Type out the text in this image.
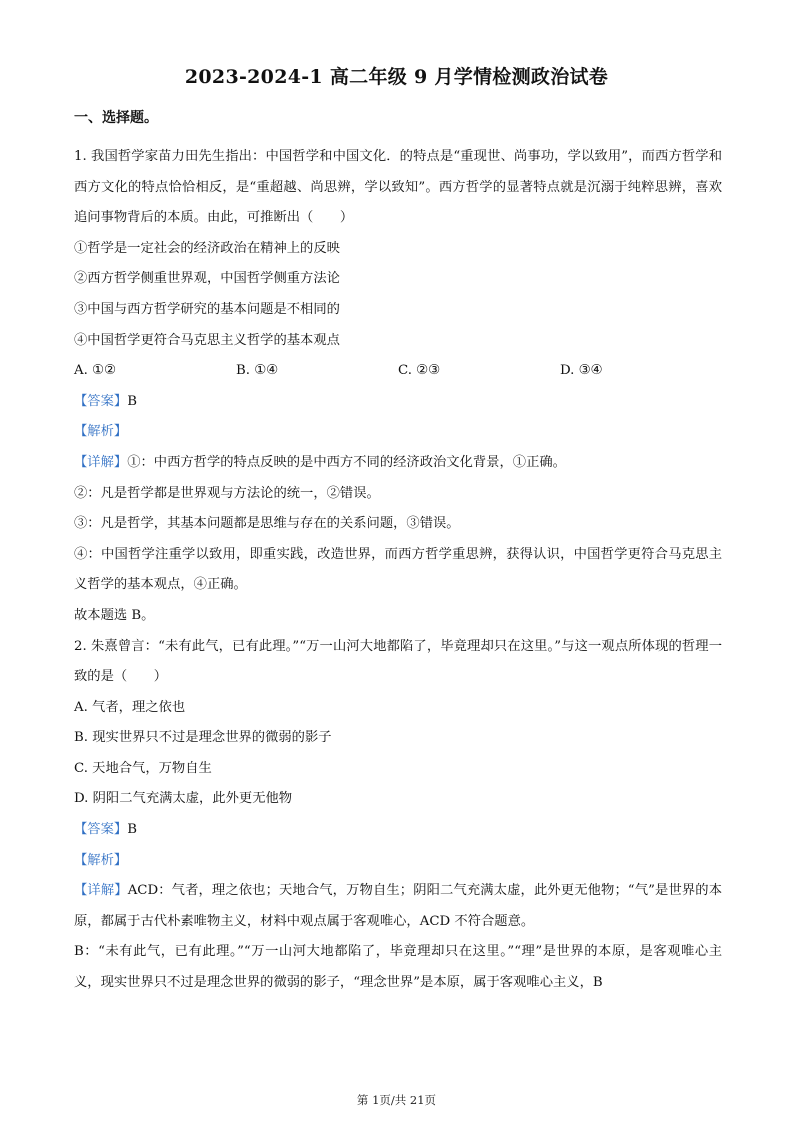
2023-2024-1 高二年级 9 月学情检测政治试卷
一、选择题。

1. 我国哲学家苗力田先生指出：中国哲学和中国文化．的特点是“重现世、尚事功，学以致用”，而西方哲学和西方文化的特点恰恰相反，是“重超越、尚思辨，学以致知”。西方哲学的显著特点就是沉溺于纯粹思辨，喜欢追问事物背后的本质。由此，可推断出（　　）

①哲学是一定社会的经济政治在精神上的反映

②西方哲学侧重世界观，中国哲学侧重方法论

③中国与西方哲学研究的基本问题是不相同的

④中国哲学更符合马克思主义哲学的基本观点

A. ①②	B. ①④	C. ②③	D. ③④

【答案】B

【解析】

【详解】①：中西方哲学的特点反映的是中西方不同的经济政治文化背景，①正确。

②：凡是哲学都是世界观与方法论的统一，②错误。

③：凡是哲学，其基本问题都是思维与存在的关系问题，③错误。

④：中国哲学注重学以致用，即重实践，改造世界，而西方哲学重思辨，获得认识，中国哲学更符合马克思主义哲学的基本观点，④正确。

故本题选 B。

2. 朱熹曾言：“未有此气，已有此理。”“万一山河大地都陷了，毕竟理却只在这里。”与这一观点所体现的哲理一致的是（　　）

A. 气者，理之依也

B. 现实世界只不过是理念世界的微弱的影子

C. 天地合气，万物自生

D. 阴阳二气充满太虚，此外更无他物

【答案】B

【解析】

【详解】ACD：气者，理之依也；天地合气，万物自生；阴阳二气充满太虚，此外更无他物；“气”是世界的本原，都属于古代朴素唯物主义，材料中观点属于客观唯心，ACD 不符合题意。

B：“未有此气，已有此理。”“万一山河大地都陷了，毕竟理却只在这里。”“理”是世界的本原，是客观唯心主义，现实世界只不过是理念世界的微弱的影子，“理念世界”是本原，属于客观唯心主义，B

第 1页/共 21页
